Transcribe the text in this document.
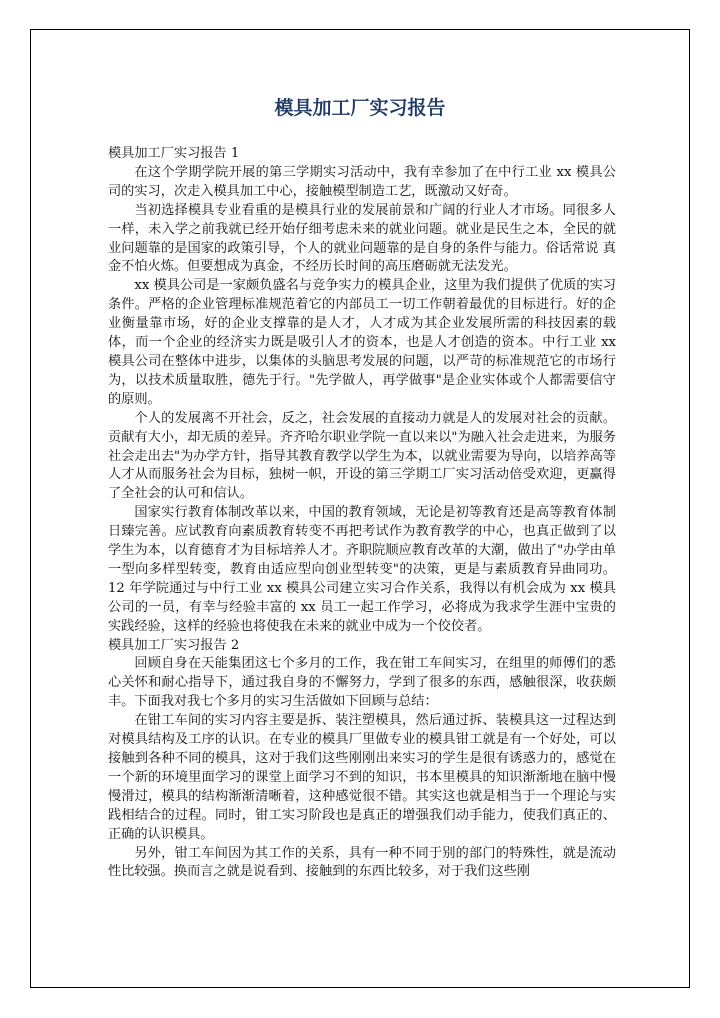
模具加工厂实习报告

模具加工厂实习报告 1

在这个学期学院开展的第三学期实习活动中，我有幸参加了在中行工业 xx 模具公司的实习，次走入模具加工中心，接触模型制造工艺，既激动又好奇。

当初选择模具专业看重的是模具行业的发展前景和广阔的行业人才市场。同很多人一样，未入学之前我就已经开始仔细考虑未来的就业问题。就业是民生之本，全民的就业问题靠的是国家的政策引导，个人的就业问题靠的是自身的条件与能力。俗话常说 真金不怕火炼。但要想成为真金，不经历长时间的高压磨砺就无法发光。

xx 模具公司是一家颇负盛名与竞争实力的模具企业，这里为我们提供了优质的实习条件。严格的企业管理标准规范着它的内部员工一切工作朝着最优的目标进行。好的企业衡量靠市场，好的企业支撑靠的是人才，人才成为其企业发展所需的科技因素的载体，而一个企业的经济实力既是吸引人才的资本，也是人才创造的资本。中行工业 xx 模具公司在整体中进步，以集体的头脑思考发展的问题，以严苛的标准规范它的市场行为，以技术质量取胜，德先于行。"先学做人，再学做事"是企业实体或个人都需要信守的原则。

个人的发展离不开社会，反之，社会发展的直接动力就是人的发展对社会的贡献。贡献有大小，却无质的差异。齐齐哈尔职业学院一直以来以"为融入社会走进来，为服务社会走出去"为办学方针，指导其教育教学以学生为本，以就业需要为导向，以培养高等人才从而服务社会为目标，独树一帜，开设的第三学期工厂实习活动倍受欢迎，更赢得了全社会的认可和信认。

国家实行教育体制改革以来，中国的教育领域，无论是初等教育还是高等教育体制日臻完善。应试教育向素质教育转变不再把考试作为教育教学的中心，也真正做到了以学生为本，以育德育才为目标培养人才。齐职院顺应教育改革的大潮，做出了"办学由单一型向多样型转变，教育由适应型向创业型转变"的决策，更是与素质教育异曲同功。12 年学院通过与中行工业 xx 模具公司建立实习合作关系，我得以有机会成为 xx 模具公司的一员，有幸与经验丰富的 xx 员工一起工作学习，必将成为我求学生涯中宝贵的实践经验，这样的经验也将使我在未来的就业中成为一个佼佼者。

模具加工厂实习报告 2

回顾自身在天能集团这七个多月的工作，我在钳工车间实习，在组里的师傅们的悉心关怀和耐心指导下，通过我自身的不懈努力，学到了很多的东西，感触很深，收获颇丰。下面我对我七个多月的实习生活做如下回顾与总结：

在钳工车间的实习内容主要是拆、装注塑模具，然后通过拆、装模具这一过程达到对模具结构及工序的认识。在专业的模具厂里做专业的模具钳工就是有一个好处，可以接触到各种不同的模具，这对于我们这些刚刚出来实习的学生是很有诱惑力的，感觉在一个新的环境里面学习的课堂上面学习不到的知识，书本里模具的知识渐渐地在脑中慢慢滑过，模具的结构渐渐清晰着，这种感觉很不错。其实这也就是相当于一个理论与实践相结合的过程。同时，钳工实习阶段也是真正的增强我们动手能力，使我们真正的、正确的认识模具。

另外，钳工车间因为其工作的关系，具有一种不同于别的部门的特殊性，就是流动性比较强。换而言之就是说看到、接触到的东西比较多，对于我们这些刚
